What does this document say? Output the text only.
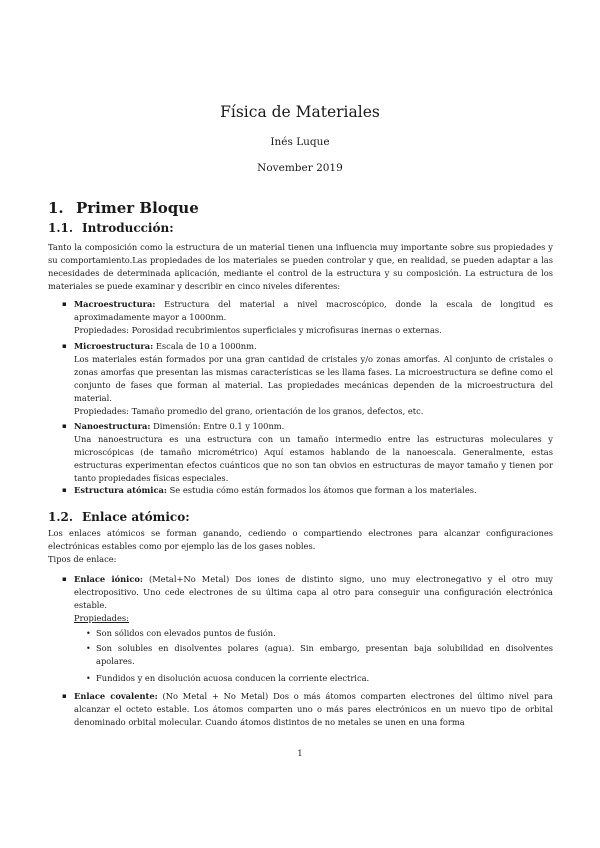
Física de Materiales
Inés Luque
November 2019
1. Primer Bloque
1.1. Introducción:
Tanto la composición como la estructura de un material tienen una influencia muy importante sobre sus propiedades y su comportamiento.Las propiedades de los materiales se pueden controlar y que, en realidad, se pueden adaptar a las necesidades de determinada aplicación, mediante el control de la estructura y su composición. La estructura de los materiales se puede examinar y describir en cinco niveles diferentes:
▪
Macroestructura: Estructura del material a nivel macroscópico, donde la escala de longitud es aproximadamente mayor a 1000nm.
Propiedades: Porosidad recubrimientos superficiales y microfisuras inernas o externas.
▪
Microestructura: Escala de 10 a 1000nm.
Los materiales están formados por una gran cantidad de cristales y/o zonas amorfas. Al conjunto de cristales o zonas amorfas que presentan las mismas características se les llama fases. La microestructura se define como el conjunto de fases que forman al material. Las propiedades mecánicas dependen de la microestructura del material.
Propiedades: Tamaño promedio del grano, orientación de los granos, defectos, etc.
▪
Nanoestructura: Dimensión: Entre 0.1 y 100nm.
Una nanoestructura es una estructura con un tamaño intermedio entre las estructuras moleculares y microscópicas (de tamaño micrométrico) Aquí estamos hablando de la nanoescala. Generalmente, estas estructuras experimentan efectos cuánticos que no son tan obvios en estructuras de mayor tamaño y tienen por tanto propiedades físicas especiales.
▪
Estructura atómica: Se estudia cómo están formados los átomos que forman a los materiales.
1.2. Enlace atómico:
Los enlaces atómicos se forman ganando, cediendo o compartiendo electrones para alcanzar configuraciones electrónicas estables como por ejemplo las de los gases nobles.
Tipos de enlace:
▪
Enlace iónico: (Metal+No Metal) Dos iones de distinto signo, uno muy electronegativo y el otro muy electropositivo. Uno cede electrones de su última capa al otro para conseguir una configuración electrónica estable.
Propiedades:
•
Son sólidos con elevados puntos de fusión.
•
Son solubles en disolventes polares (agua). Sin embargo, presentan baja solubilidad en disolventes apolares.
•
Fundidos y en disolución acuosa conducen la corriente electrica.
▪
Enlace covalente: (No Metal + No Metal) Dos o más átomos comparten electrones del último nivel para alcanzar el octeto estable. Los átomos comparten uno o más pares electrónicos en un nuevo tipo de orbital denominado orbital molecular. Cuando átomos distintos de no metales se unen en una forma
1
